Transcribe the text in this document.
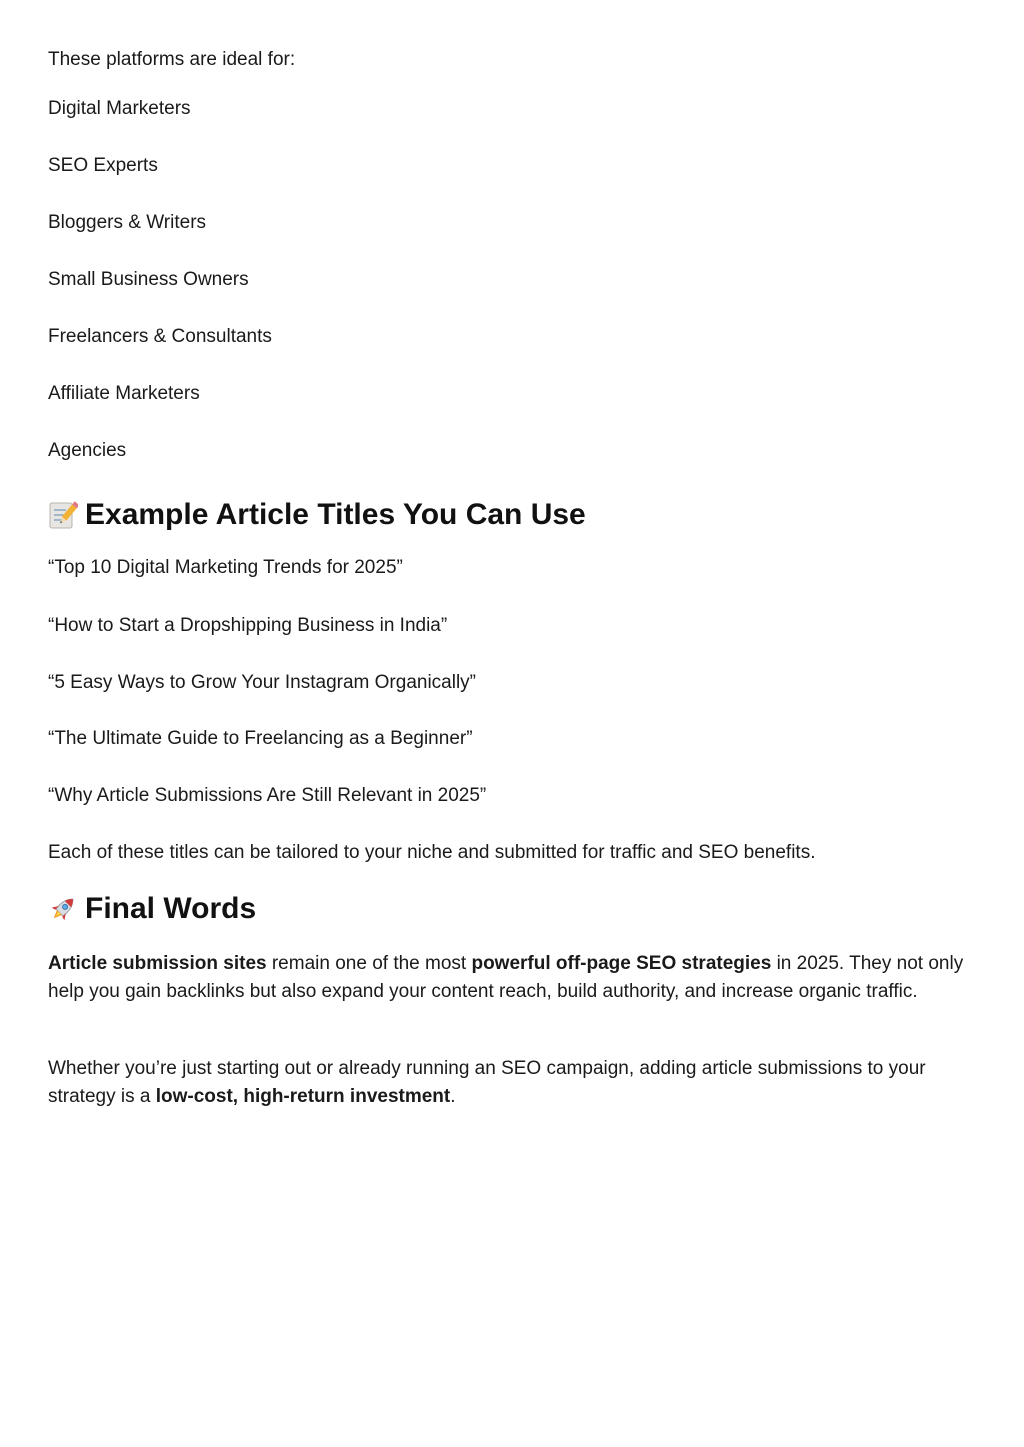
These platforms are ideal for:

Digital Marketers

SEO Experts

Bloggers & Writers

Small Business Owners

Freelancers & Consultants

Affiliate Marketers

Agencies

Example Article Titles You Can Use

“Top 10 Digital Marketing Trends for 2025”

“How to Start a Dropshipping Business in India”

“5 Easy Ways to Grow Your Instagram Organically”

“The Ultimate Guide to Freelancing as a Beginner”

“Why Article Submissions Are Still Relevant in 2025”

Each of these titles can be tailored to your niche and submitted for traffic and SEO benefits.

Final Words

Article submission sites remain one of the most powerful off-page SEO strategies in 2025. They not only help you gain backlinks but also expand your content reach, build authority, and increase organic traffic.

Whether you’re just starting out or already running an SEO campaign, adding article submissions to your strategy is a low-cost, high-return investment.
